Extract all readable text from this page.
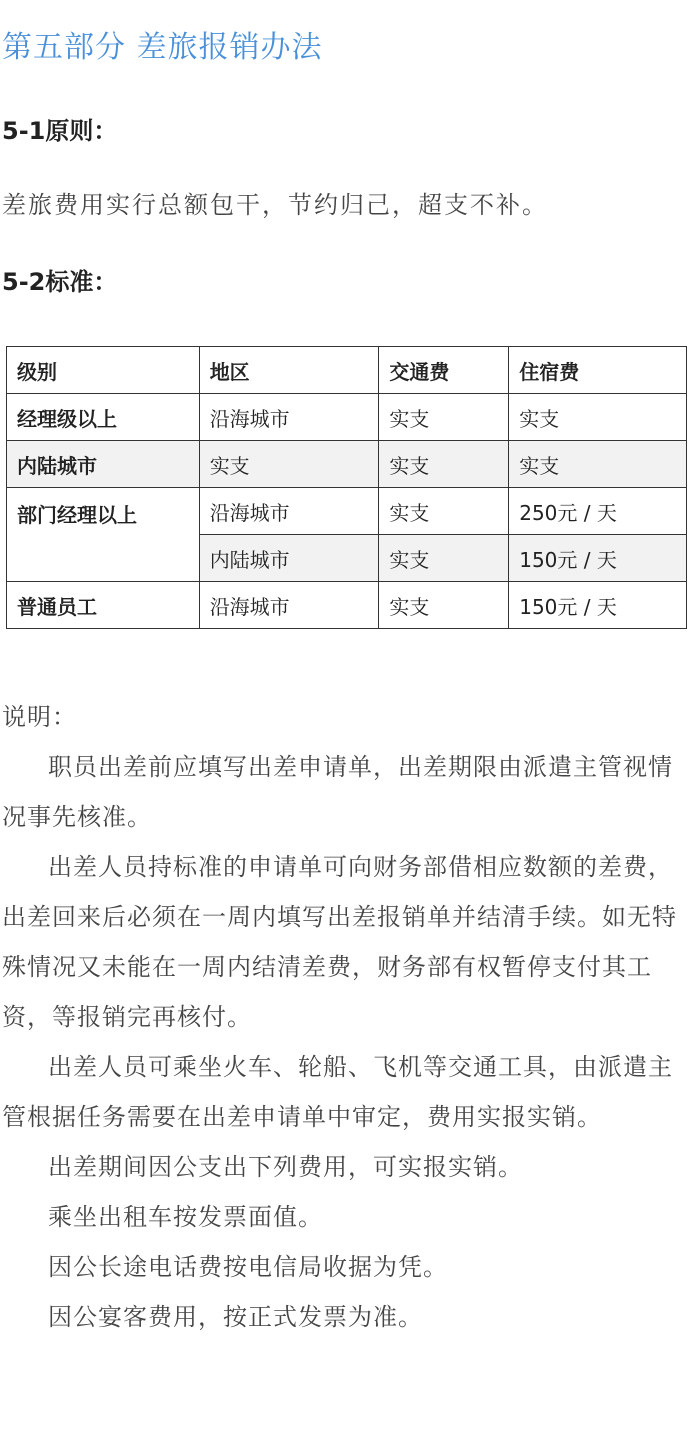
第五部分 差旅报销办法
5-1原则：

差旅费用实行总额包干，节约归己，超支不补。

5-2标准：
级别	地区	交通费	住宿费
经理级以上	沿海城市	实支	实支
内陆城市	实支	实支	实支
部门经理以上	沿海城市	实支	250元 / 天
	内陆城市	实支	150元 / 天
普通员工	沿海城市	实支	150元 / 天

说明：

职员出差前应填写出差申请单，出差期限由派遣主管视情况事先核准。

出差人员持标准的申请单可向财务部借相应数额的差费，出差回来后必须在一周内填写出差报销单并结清手续。如无特殊情况又未能在一周内结清差费，财务部有权暂停支付其工资，等报销完再核付。

出差人员可乘坐火车、轮船、飞机等交通工具，由派遣主管根据任务需要在出差申请单中审定，费用实报实销。

出差期间因公支出下列费用，可实报实销。

乘坐出租车按发票面值。

因公长途电话费按电信局收据为凭。

因公宴客费用，按正式发票为准。
